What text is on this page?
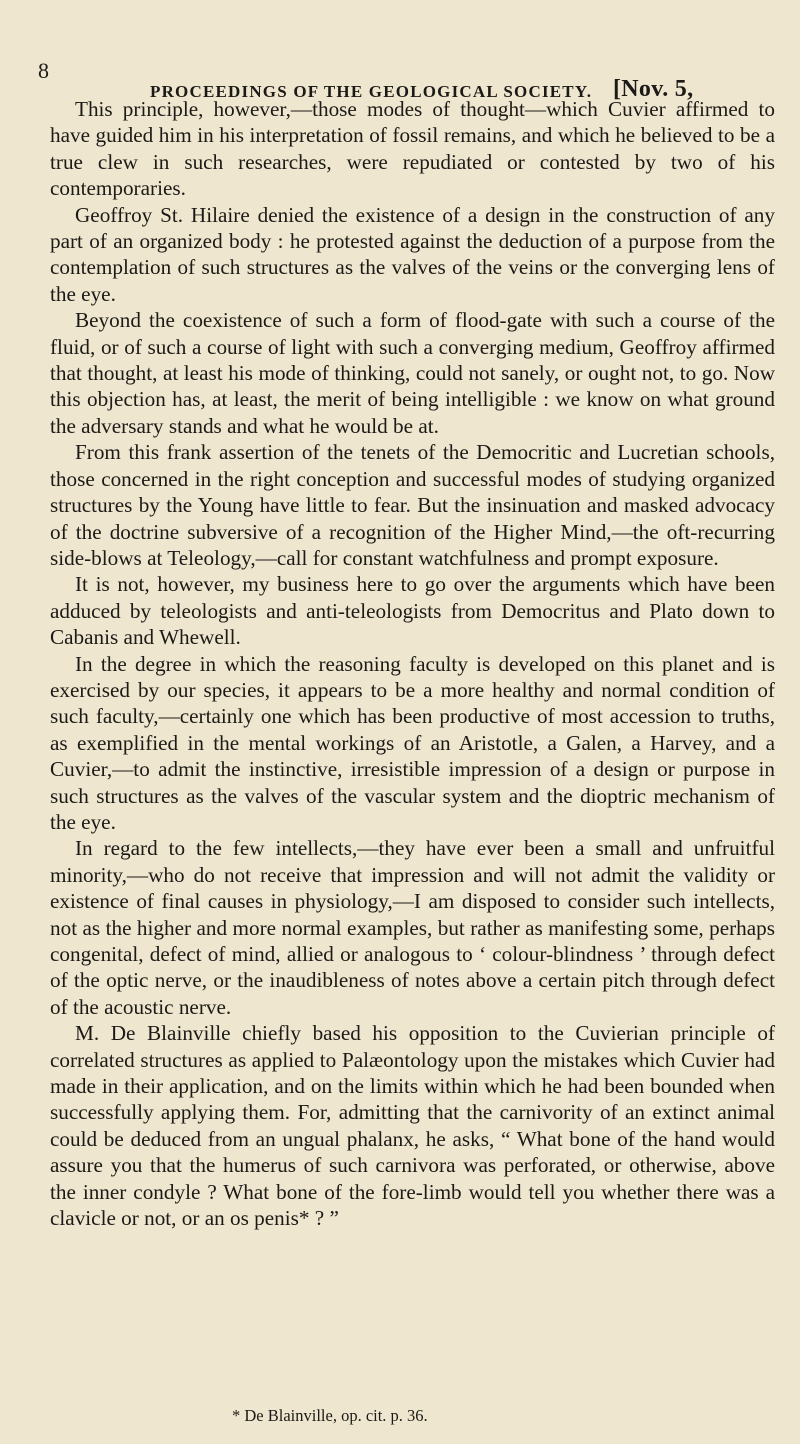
8
PROCEEDINGS OF THE GEOLOGICAL SOCIETY. [Nov. 5,

This principle, however,—those modes of thought—which Cuvier affirmed to have guided him in his interpretation of fossil remains, and which he believed to be a true clew in such researches, were repudiated or contested by two of his contemporaries.

Geoffroy St. Hilaire denied the existence of a design in the construction of any part of an organized body : he protested against the deduction of a purpose from the contemplation of such structures as the valves of the veins or the converging lens of the eye.

Beyond the coexistence of such a form of flood-gate with such a course of the fluid, or of such a course of light with such a converging medium, Geoffroy affirmed that thought, at least his mode of thinking, could not sanely, or ought not, to go. Now this objection has, at least, the merit of being intelligible : we know on what ground the adversary stands and what he would be at.

From this frank assertion of the tenets of the Democritic and Lucretian schools, those concerned in the right conception and successful modes of studying organized structures by the Young have little to fear. But the insinuation and masked advocacy of the doctrine subversive of a recognition of the Higher Mind,—the oft-recurring side-blows at Teleology,—call for constant watchfulness and prompt exposure.

It is not, however, my business here to go over the arguments which have been adduced by teleologists and anti-teleologists from Democritus and Plato down to Cabanis and Whewell.

In the degree in which the reasoning faculty is developed on this planet and is exercised by our species, it appears to be a more healthy and normal condition of such faculty,—certainly one which has been productive of most accession to truths, as exemplified in the mental workings of an Aristotle, a Galen, a Harvey, and a Cuvier,—to admit the instinctive, irresistible impression of a design or purpose in such structures as the valves of the vascular system and the dioptric mechanism of the eye.

In regard to the few intellects,—they have ever been a small and unfruitful minority,—who do not receive that impression and will not admit the validity or existence of final causes in physiology,—I am disposed to consider such intellects, not as the higher and more normal examples, but rather as manifesting some, perhaps congenital, defect of mind, allied or analogous to ‘ colour-blindness ’ through defect of the optic nerve, or the inaudibleness of notes above a certain pitch through defect of the acoustic nerve.

M. De Blainville chiefly based his opposition to the Cuvierian principle of correlated structures as applied to Palæontology upon the mistakes which Cuvier had made in their application, and on the limits within which he had been bounded when successfully applying them. For, admitting that the carnivority of an extinct animal could be deduced from an ungual phalanx, he asks, “ What bone of the hand would assure you that the humerus of such carnivora was perforated, or otherwise, above the inner condyle ? What bone of the fore-limb would tell you whether there was a clavicle or not, or an os penis* ? ”

* De Blainville, op. cit. p. 36.
